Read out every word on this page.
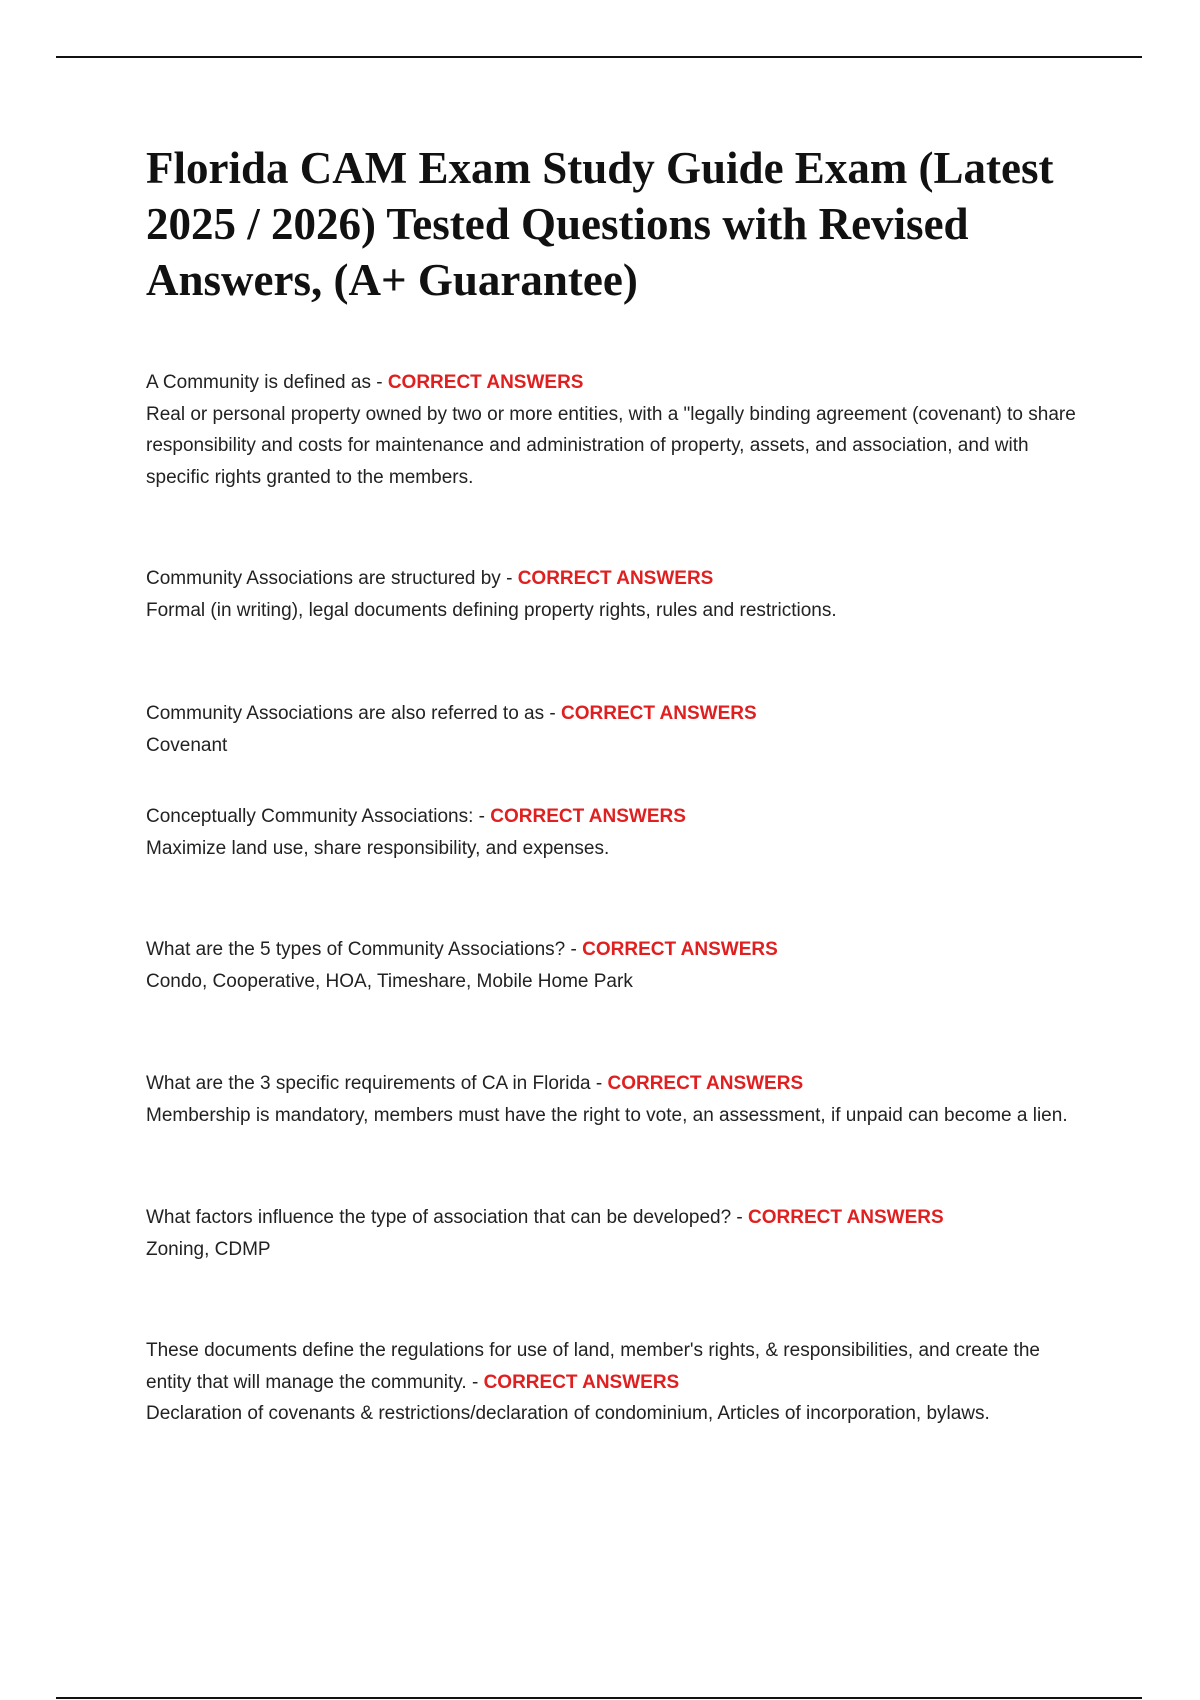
Florida CAM Exam Study Guide Exam (Latest 2025 / 2026) Tested Questions with Revised Answers, (A+ Guarantee)

A Community is defined as - CORRECT ANSWERS
Real or personal property owned by two or more entities, with a "legally binding agreement (covenant) to share responsibility and costs for maintenance and administration of property, assets, and association, and with specific rights granted to the members.

Community Associations are structured by - CORRECT ANSWERS
Formal (in writing), legal documents defining property rights, rules and restrictions.

Community Associations are also referred to as - CORRECT ANSWERS
Covenant

Conceptually Community Associations: - CORRECT ANSWERS
Maximize land use, share responsibility, and expenses.

What are the 5 types of Community Associations? - CORRECT ANSWERS
Condo, Cooperative, HOA, Timeshare, Mobile Home Park

What are the 3 specific requirements of CA in Florida - CORRECT ANSWERS
Membership is mandatory, members must have the right to vote, an assessment, if unpaid can become a lien.

What factors influence the type of association that can be developed? - CORRECT ANSWERS
Zoning, CDMP

These documents define the regulations for use of land, member's rights, & responsibilities, and create the entity that will manage the community. - CORRECT ANSWERS
Declaration of covenants & restrictions/declaration of condominium, Articles of incorporation, bylaws.
